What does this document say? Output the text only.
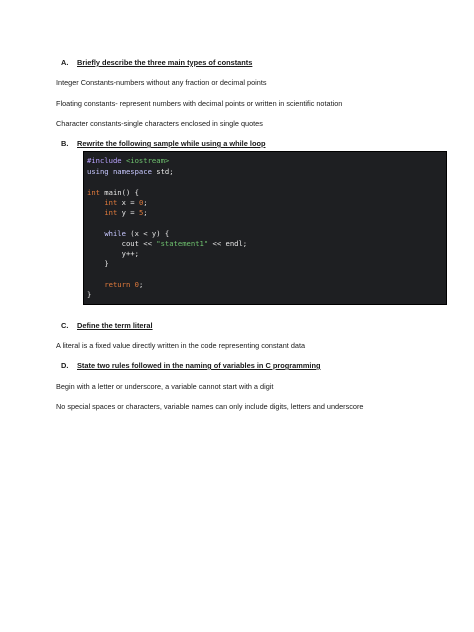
A. Briefly describe the three main types of constants
Integer Constants-numbers without any fraction or decimal points
Floating constants- represent numbers with decimal points or written in scientific notation
Character constants-single characters enclosed in single quotes
B. Rewrite the following sample while using a while loop
#include <iostream>
using namespace std;
int main() {
int x = 0;
int y = 5;
while (x < y) {
cout << "statement1" << endl;
y++;
}
return 0;
}
C. Define the term literal
A literal is a fixed value directly written in the code representing constant data
D. State two rules followed in the naming of variables in C programming
Begin with a letter or underscore, a variable cannot start with a digit
No special spaces or characters, variable names can only include digits, letters and underscore
